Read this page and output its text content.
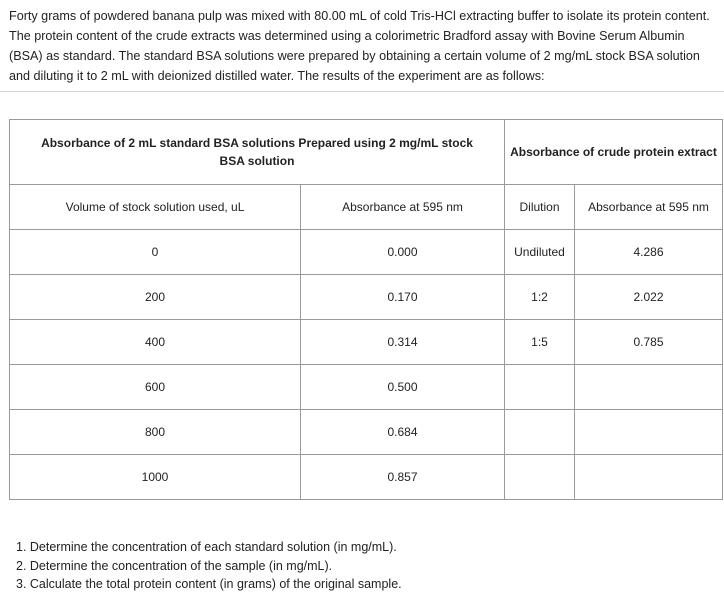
Forty grams of powdered banana pulp was mixed with 80.00 mL of cold Tris-HCl extracting buffer to isolate its protein content. The protein content of the crude extracts was determined using a colorimetric Bradford assay with Bovine Serum Albumin (BSA) as standard. The standard BSA solutions were prepared by obtaining a certain volume of 2 mg/mL stock BSA solution and diluting it to 2 mL with deionized distilled water. The results of the experiment are as follows:
Absorbance of 2 mL standard BSA solutions Prepared using 2 mg/mL stock BSA solution		Absorbance of crude protein extract	
Volume of stock solution used, uL	Absorbance at 595 nm	Dilution	Absorbance at 595 nm
0	0.000	Undiluted	4.286
200	0.170	1:2	2.022
400	0.314	1:5	0.785
600	0.500		
800	0.684		
1000	0.857		
1. Determine the concentration of each standard solution (in mg/mL).
2. Determine the concentration of the sample (in mg/mL).
3. Calculate the total protein content (in grams) of the original sample.
